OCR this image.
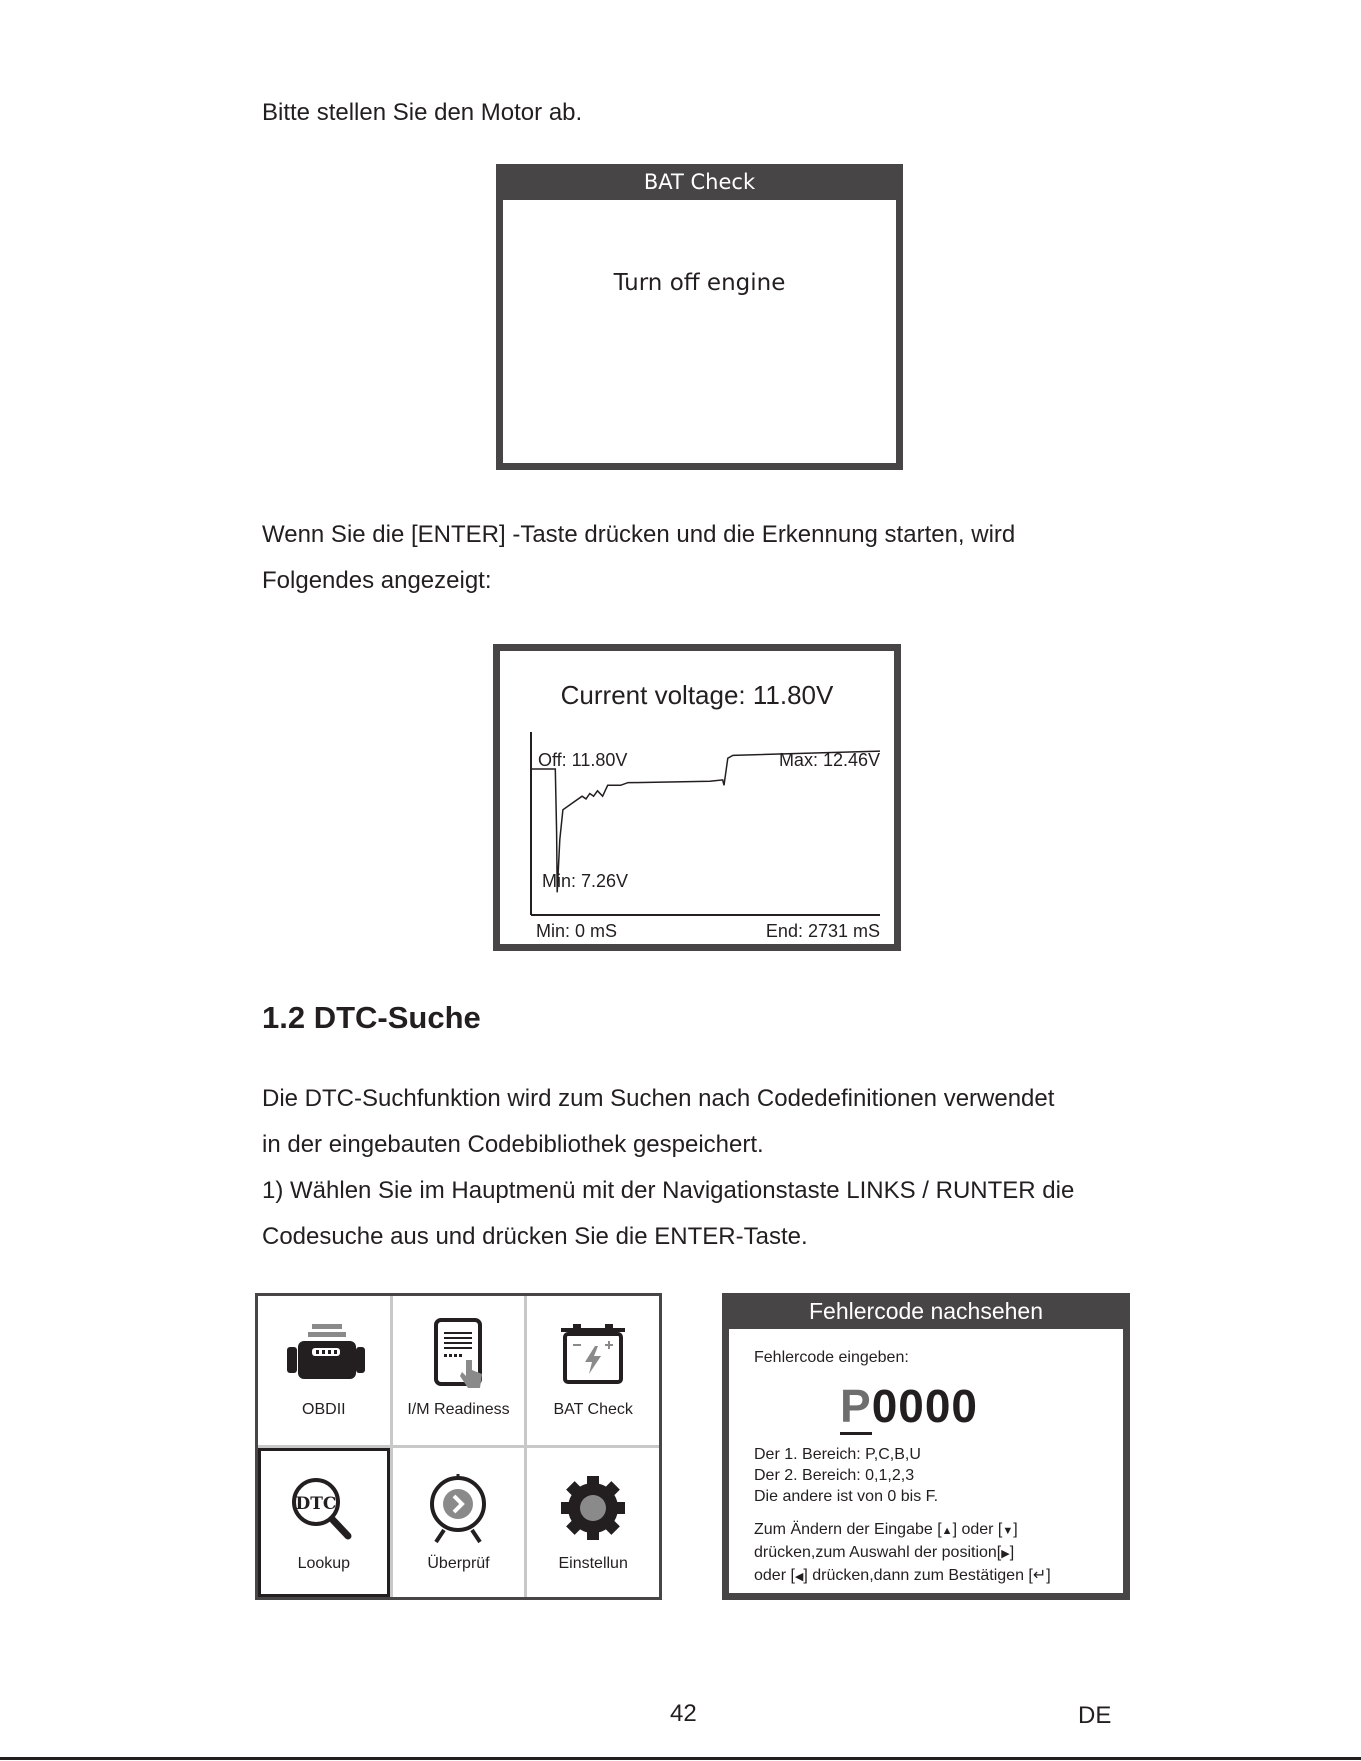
Bitte stellen Sie den Motor ab.

BAT Check
Turn off engine

Wenn Sie die [ENTER] -Taste drücken und die Erkennung starten, wird

Folgendes angezeigt:

Current voltage: 11.80V
Off: 11.80V	Max: 12.46V
Min: 7.26V
Min: 0 mS	End: 2731 mS
1.2 DTC-Suche

Die DTC-Suchfunktion wird zum Suchen nach Codedefinitionen verwendet

in der eingebauten Codebibliothek gespeichert.

1) Wählen Sie im Hauptmenü mit der Navigationstaste LINKS / RUNTER die

Codesuche aus und drücken Sie die ENTER-Taste.

OBDII	I/M Readiness	BAT Check
DTC
Lookup	Überprüf	Einstellun
Fehlercode nachsehen
Fehlercode eingeben:
P0000
Der 1. Bereich: P,C,B,U
Der 2. Bereich: 0,1,2,3
Die andere ist von 0 bis F.
Zum Ändern der Eingabe [▲] oder [▼]
drücken,zum Auswahl der position[▶]
oder [◀] drücken,dann zum Bestätigen [↵]
42	DE
